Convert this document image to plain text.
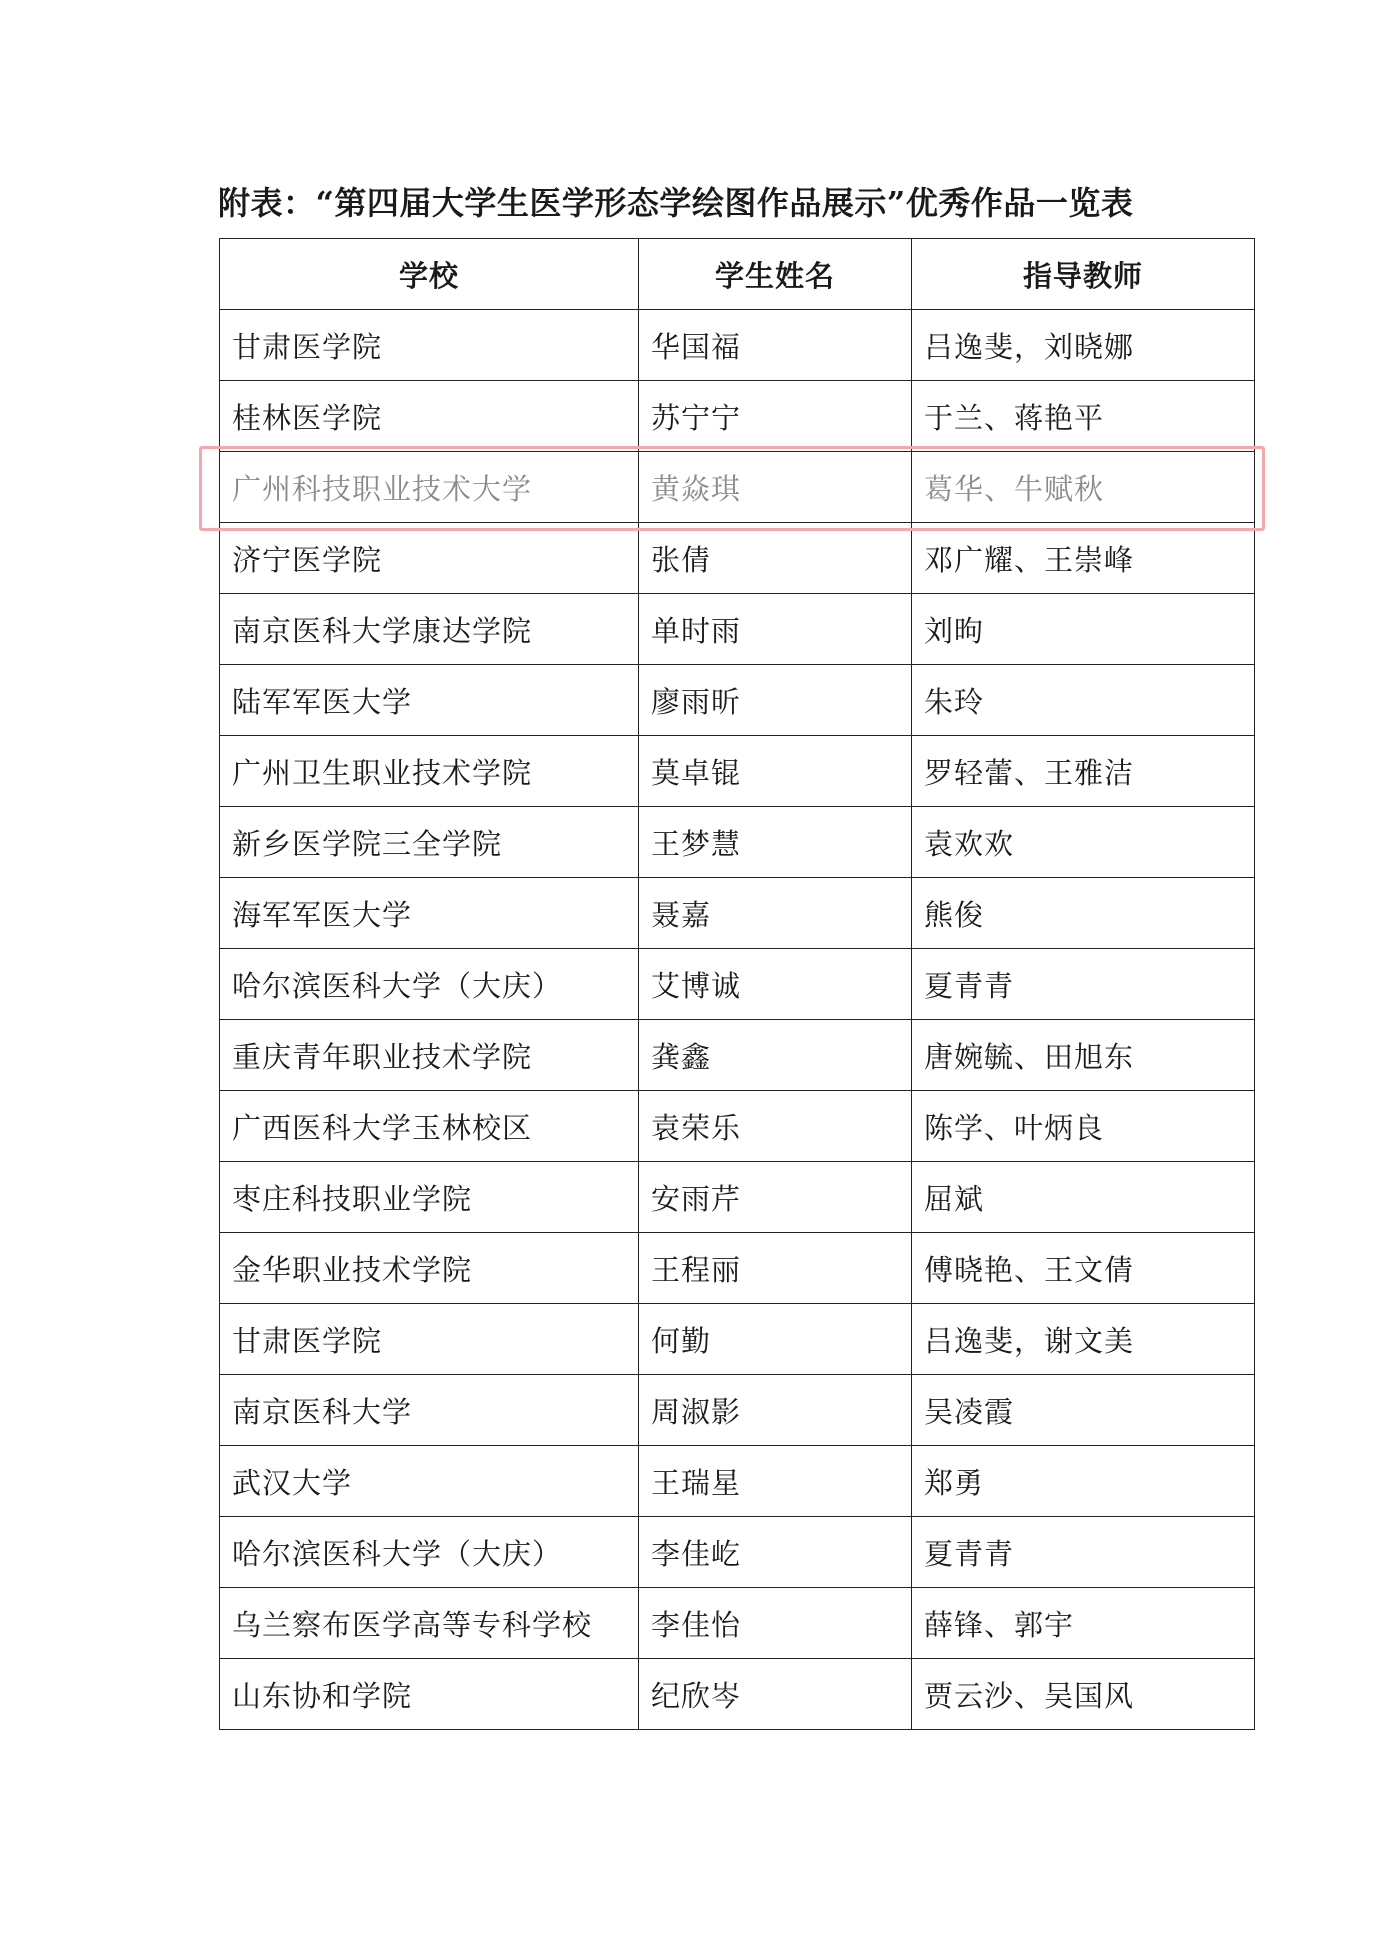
附表：“第四届大学生医学形态学绘图作品展示”优秀作品一览表
学校	学生姓名	指导教师
甘肃医学院	华国福	吕逸斐，刘晓娜
桂林医学院	苏宁宁	于兰、蒋艳平
广州科技职业技术大学	黄焱琪	葛华、牛赋秋
济宁医学院	张倩	邓广耀、王崇峰
南京医科大学康达学院	单时雨	刘昫
陆军军医大学	廖雨昕	朱玲
广州卫生职业技术学院	莫卓锟	罗轻蕾、王雅洁
新乡医学院三全学院	王梦慧	袁欢欢
海军军医大学	聂嘉	熊俊
哈尔滨医科大学（大庆）	艾博诚	夏青青
重庆青年职业技术学院	龚鑫	唐婉毓、田旭东
广西医科大学玉林校区	袁荣乐	陈学、叶炳良
枣庄科技职业学院	安雨芹	屈斌
金华职业技术学院	王程丽	傅晓艳、王文倩
甘肃医学院	何勤	吕逸斐，谢文美
南京医科大学	周淑影	吴凌霞
武汉大学	王瑞星	郑勇
哈尔滨医科大学（大庆）	李佳屹	夏青青
乌兰察布医学高等专科学校	李佳怡	薛锋、郭宇
山东协和学院	纪欣岑	贾云沙、吴国风
